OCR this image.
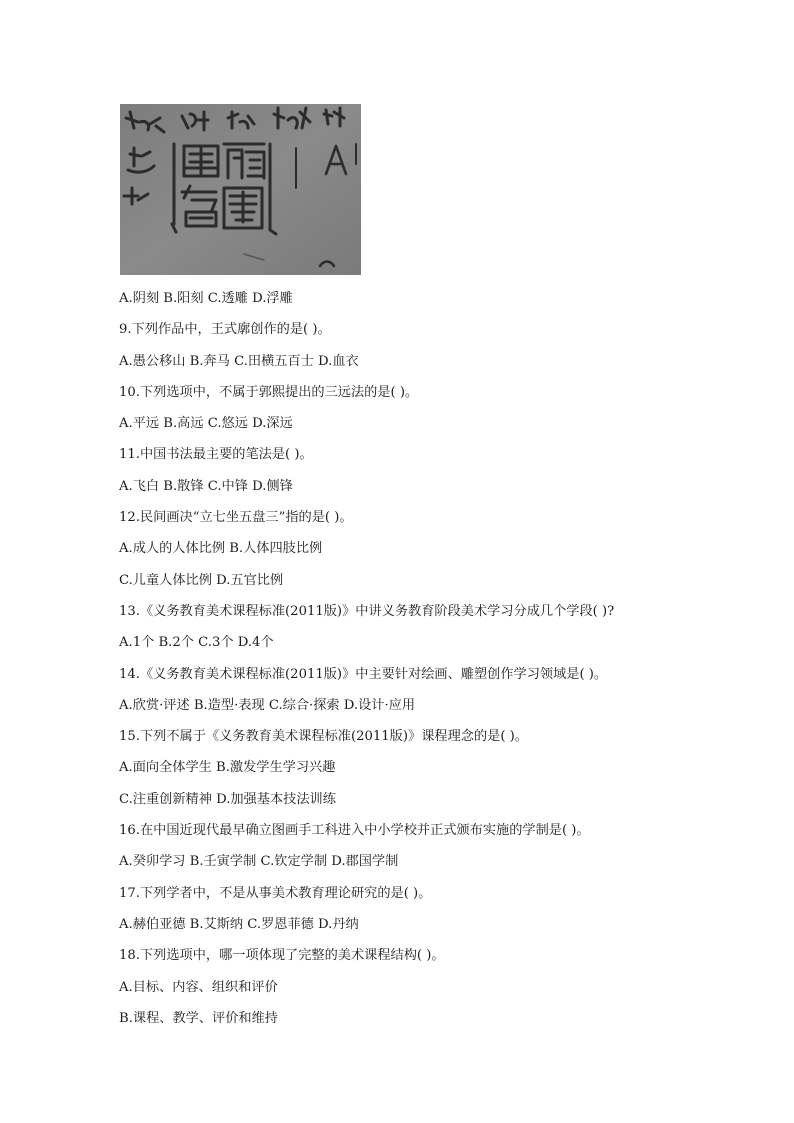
A.阴刻 B.阳刻 C.透雕 D.浮雕
9.下列作品中，王式廓创作的是( )。
A.愚公移山 B.奔马 C.田横五百士 D.血衣
10.下列选项中，不属于郭熙提出的三远法的是( )。
A.平远 B.高远 C.悠远 D.深远
11.中国书法最主要的笔法是( )。
A.飞白 B.散锋 C.中锋 D.侧锋
12.民间画决“立七坐五盘三”指的是( )。
A.成人的人体比例 B.人体四肢比例
C.儿童人体比例 D.五官比例
13.《义务教育美术课程标准(2011版)》中讲义务教育阶段美术学习分成几个学段( )?
A.1个 B.2个 C.3个 D.4个
14.《义务教育美术课程标准(2011版)》中主要针对绘画、雕塑创作学习领域是( )。
A.欣赏·评述 B.造型·表现 C.综合·探索 D.设计·应用
15.下列不属于《义务教育美术课程标准(2011版)》课程理念的是( )。
A.面向全体学生 B.激发学生学习兴趣
C.注重创新精神 D.加强基本技法训练
16.在中国近现代最早确立图画手工科进入中小学校并正式颁布实施的学制是( )。
A.癸卯学习 B.壬寅学制 C.钦定学制 D.郡国学制
17.下列学者中，不是从事美术教育理论研究的是( )。
A.赫伯亚德 B.艾斯纳 C.罗恩菲德 D.丹纳
18.下列选项中，哪一项体现了完整的美术课程结构( )。
A.目标、内容、组织和评价
B.课程、教学、评价和维持
